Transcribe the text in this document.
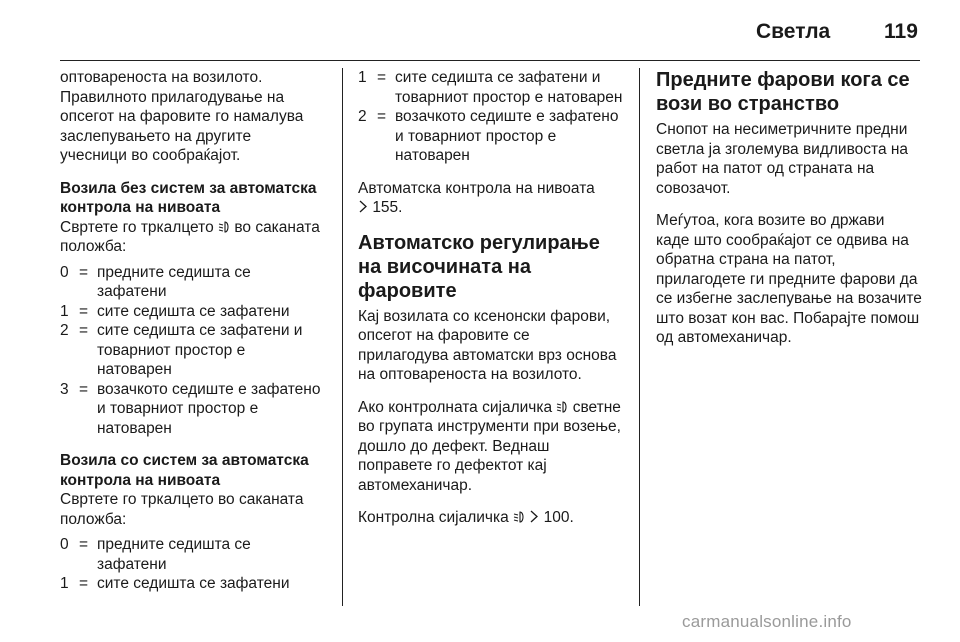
Светла	119

оптовареноста на возилото. Правилното прилагодување на опсегот на фаровите го намалува заслепувањето на другите учесници во сообраќајот.

Возила без систем за автоматска контрола на нивоата

Свртете го тркалцето во саканата положба:

0 = предните седишта се зафатени
1 = сите седишта се зафатени
2 = сите седишта се зафатени и товарниот простор е натоварен
3 = возачкото седиште е зафатено и товарниот простор е натоварен
Возила со систем за автоматска контрола на нивоата

Свртете го тркалцето во саканата положба:

0 = предните седишта се зафатени
1 = сите седишта се зафатени
1 = сите седишта се зафатени и товарниот простор е натоварен
2 = возачкото седиште е зафатено и товарниот простор е натоварен

Автоматска контрола на нивоата
155.

Автоматско регулирање на височината на фаровите

Кај возилата со ксенонски фарови, опсегот на фаровите се прилагодува автоматски врз основа на оптовареноста на возилото.

Ако контролната сијаличка светне во групата инструменти при возење, дошло до дефект. Веднаш поправете го дефектот кај автомеханичар.

Контролна сијаличка 100.

Предните фарови кога се вози во странство

Снопот на несиметричните предни светла ја зголемува видливоста на работ на патот од страната на совозачот.

Меѓутоа, кога возите во држави каде што сообраќајот се одвива на обратна страна на патот, прилагодете ги предните фарови да се избегне заслепување на возачите што возат кон вас. Побарајте помош од автомеханичар.

carmanualsonline.info
